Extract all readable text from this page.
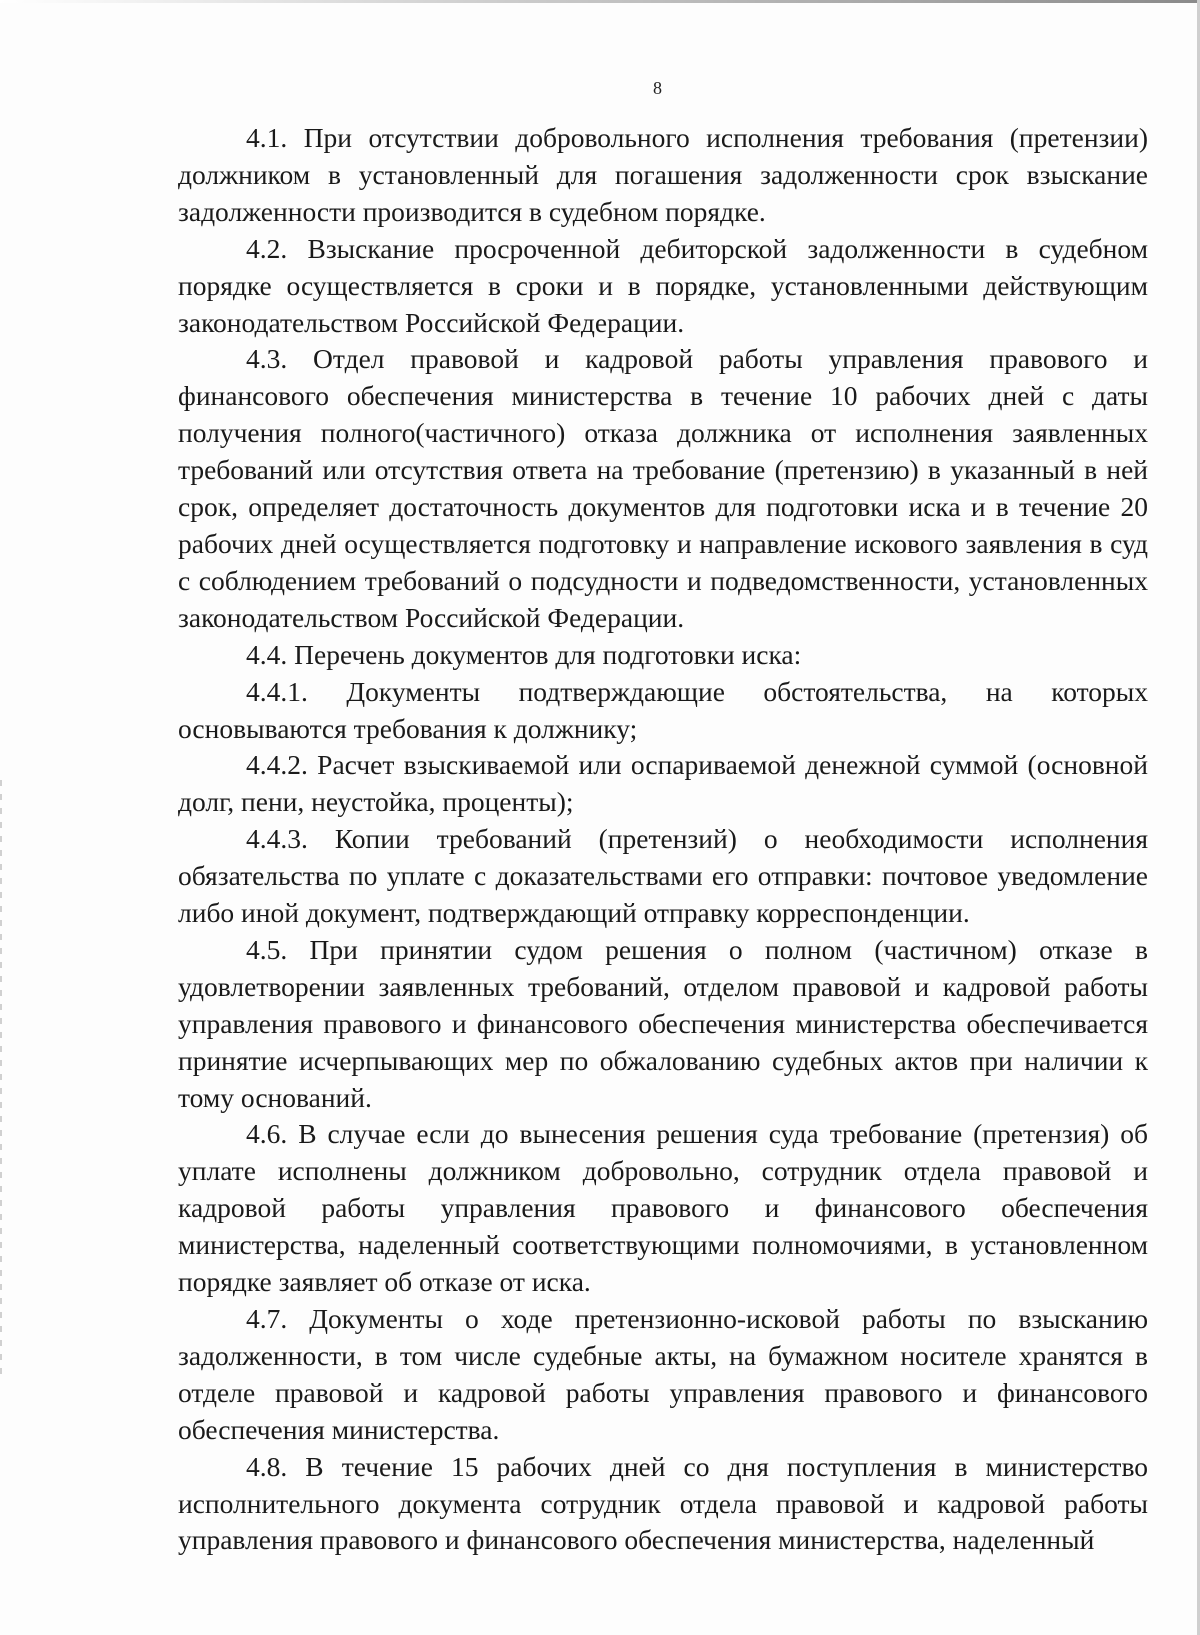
8

4.1. При отсутствии добровольного исполнения требования (претензии) должником в установленный для погашения задолженности срок взыскание задолженности производится в судебном порядке.

4.2. Взыскание просроченной дебиторской задолженности в судебном порядке осуществляется в сроки и в порядке, установленными действующим законодательством Российской Федерации.

4.3. Отдел правовой и кадровой работы управления правового и финансового обеспечения министерства в течение 10 рабочих дней с даты получения полного(частичного) отказа должника от исполнения заявленных требований или отсутствия ответа на требование (претензию) в указанный в ней срок, определяет достаточность документов для подготовки иска и в течение 20 рабочих дней осуществляется подготовку и направление искового заявления в суд с соблюдением требований о подсудности и подведомственности, установленных законодательством Российской Федерации.

4.4. Перечень документов для подготовки иска:

4.4.1. Документы подтверждающие обстоятельства, на которых основываются требования к должнику;

4.4.2. Расчет взыскиваемой или оспариваемой денежной суммой (основной долг, пени, неустойка, проценты);

4.4.3. Копии требований (претензий) о необходимости исполнения обязательства по уплате с доказательствами его отправки: почтовое уведомление либо иной документ, подтверждающий отправку корреспонденции.

4.5. При принятии судом решения о полном (частичном) отказе в удовлетворении заявленных требований, отделом правовой и кадровой работы управления правового и финансового обеспечения министерства обеспечивается принятие исчерпывающих мер по обжалованию судебных актов при наличии к тому оснований.

4.6. В случае если до вынесения решения суда требование (претензия) об уплате исполнены должником добровольно, сотрудник отдела правовой и кадровой работы управления правового и финансового обеспечения министерства, наделенный соответствующими полномочиями, в установленном порядке заявляет об отказе от иска.

4.7. Документы о ходе претензионно-исковой работы по взысканию задолженности, в том числе судебные акты, на бумажном носителе хранятся в отделе правовой и кадровой работы управления правового и финансового обеспечения министерства.

4.8. В течение 15 рабочих дней со дня поступления в министерство исполнительного документа сотрудник отдела правовой и кадровой работы управления правового и финансового обеспечения министерства, наделенный
